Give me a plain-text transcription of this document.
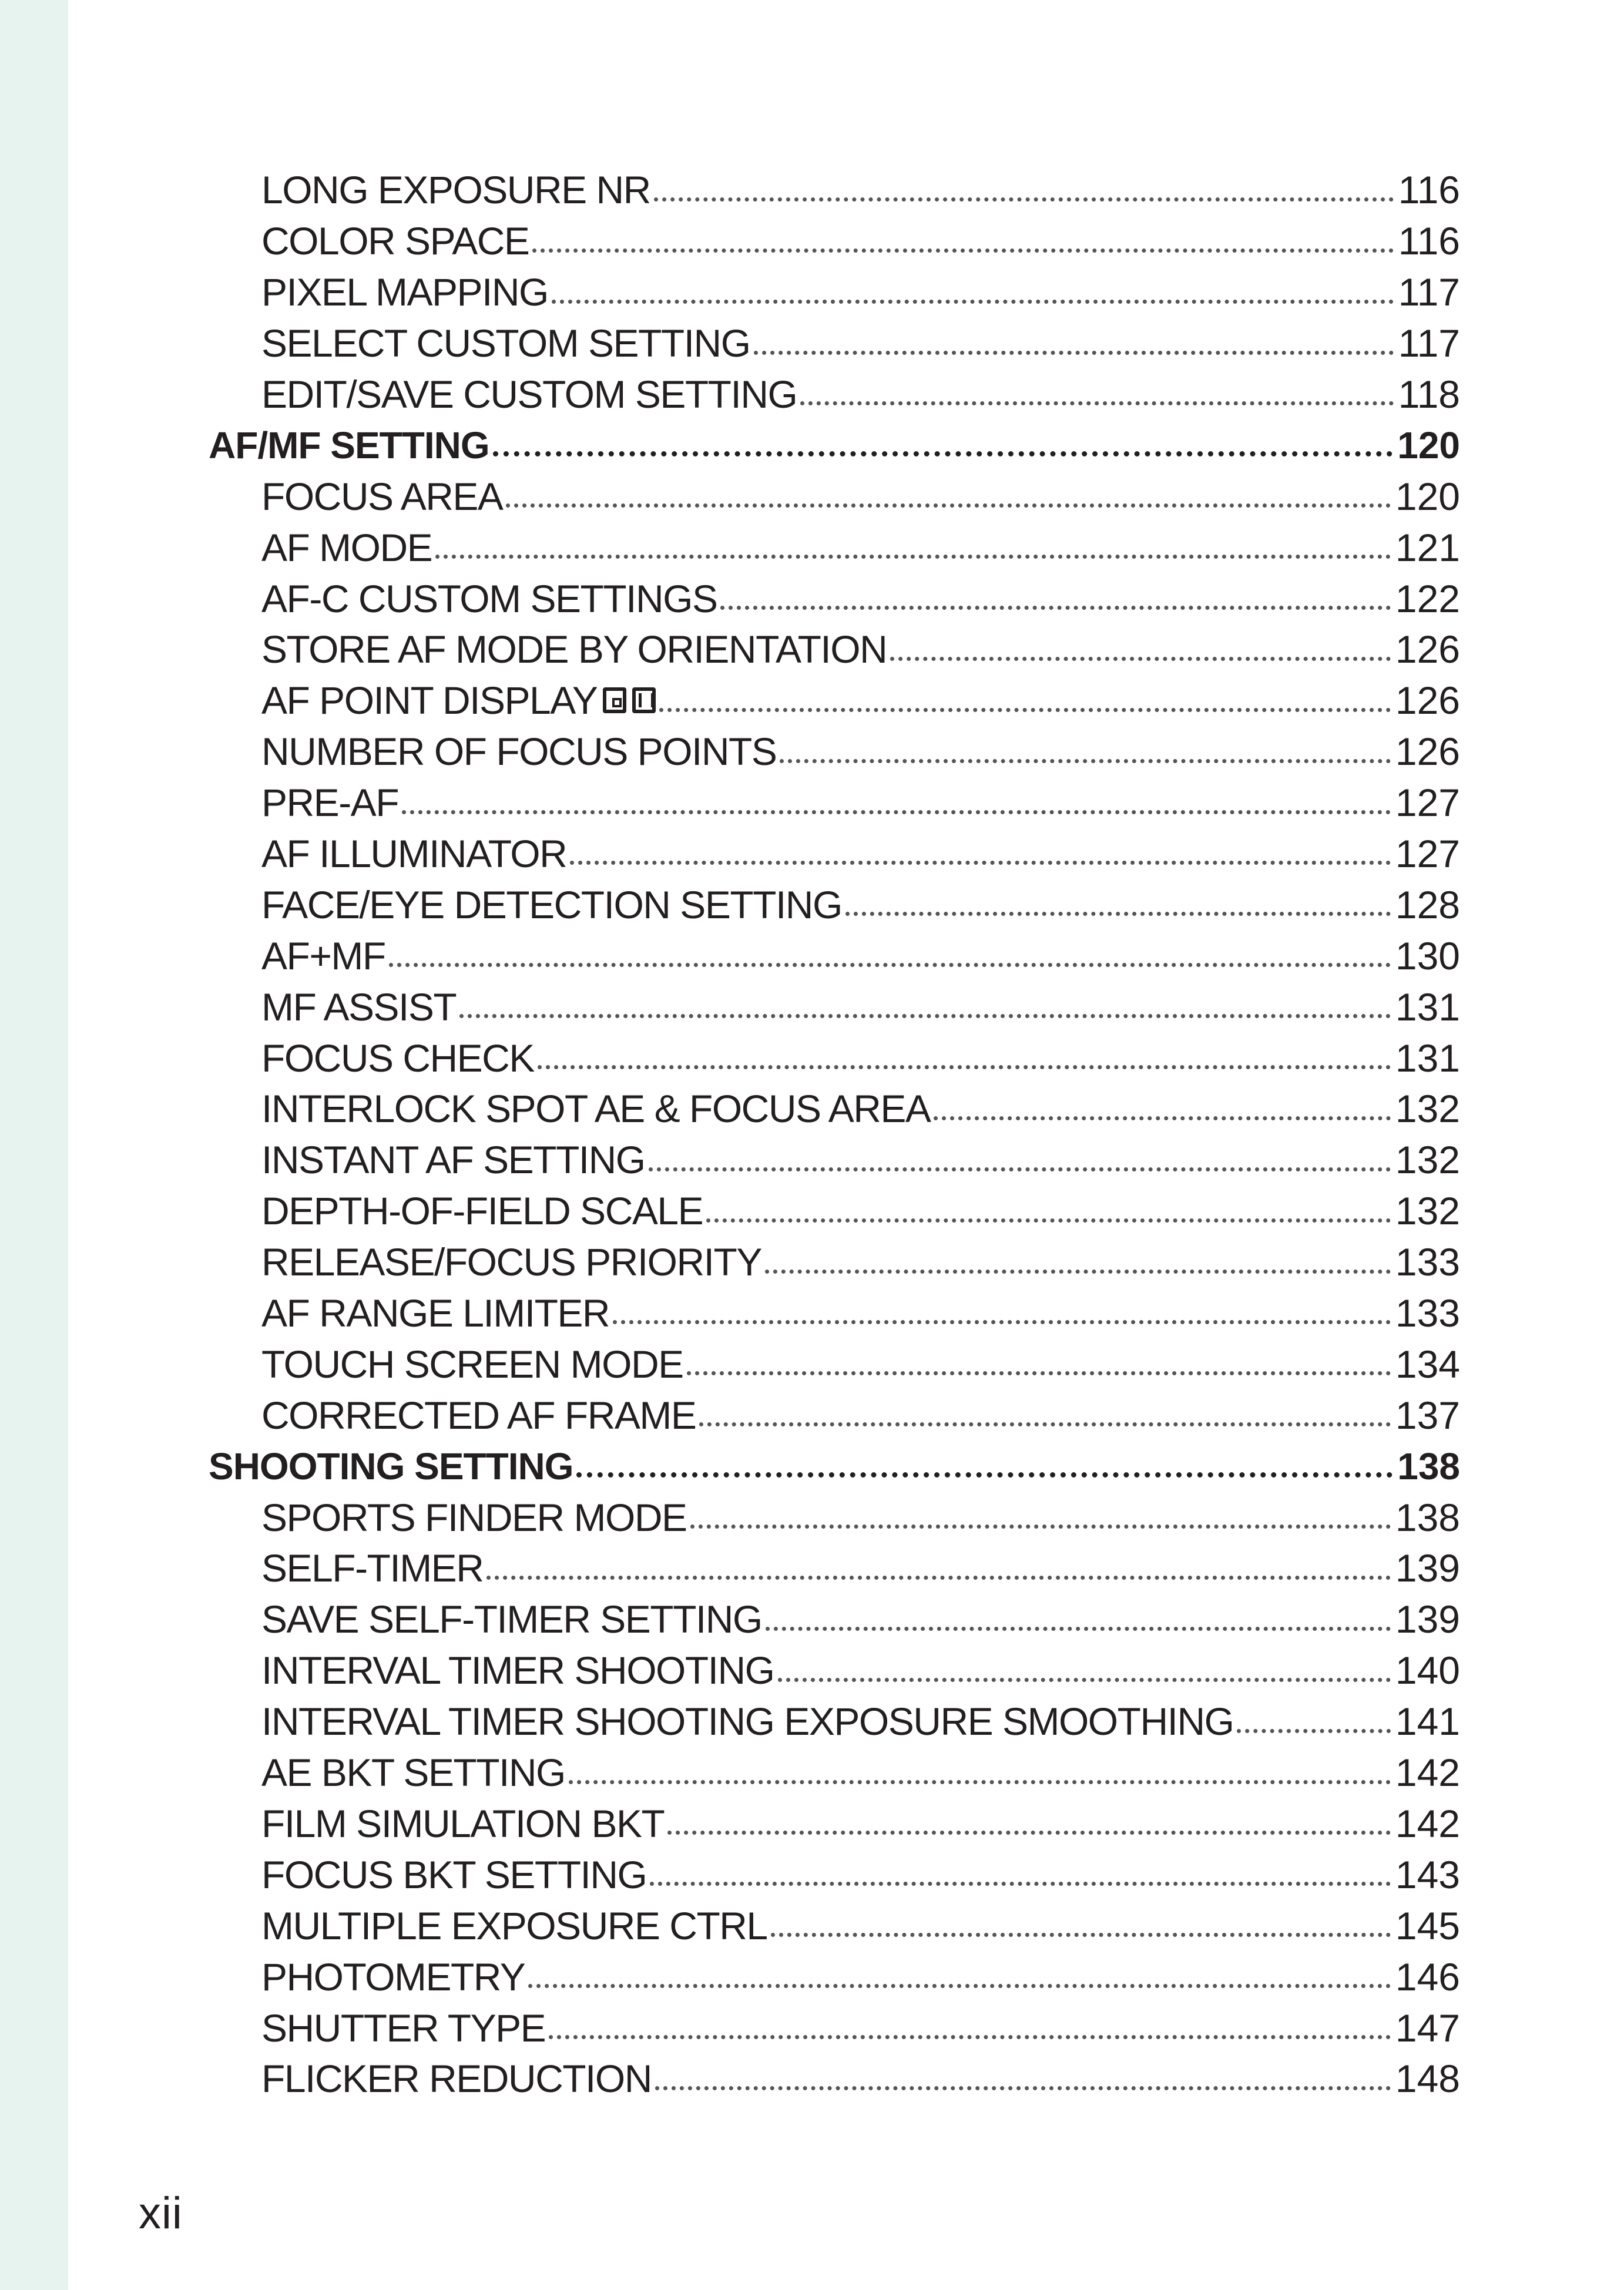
LONG EXPOSURE NR	116
COLOR SPACE	116
PIXEL MAPPING	117
SELECT CUSTOM SETTING	117
EDIT/SAVE CUSTOM SETTING	118
AF/MF SETTING	120
FOCUS AREA	120
AF MODE	121
AF-C CUSTOM SETTINGS	122
STORE AF MODE BY ORIENTATION	126
AF POINT DISPLAY	126
NUMBER OF FOCUS POINTS	126
PRE-AF	127
AF ILLUMINATOR	127
FACE/EYE DETECTION SETTING	128
AF+MF	130
MF ASSIST	131
FOCUS CHECK	131
INTERLOCK SPOT AE & FOCUS AREA	132
INSTANT AF SETTING	132
DEPTH-OF-FIELD SCALE	132
RELEASE/FOCUS PRIORITY	133
AF RANGE LIMITER	133
TOUCH SCREEN MODE	134
CORRECTED AF FRAME	137
SHOOTING SETTING	138
SPORTS FINDER MODE	138
SELF-TIMER	139
SAVE SELF-TIMER SETTING	139
INTERVAL TIMER SHOOTING	140
INTERVAL TIMER SHOOTING EXPOSURE SMOOTHING	141
AE BKT SETTING	142
FILM SIMULATION BKT	142
FOCUS BKT SETTING	143
MULTIPLE EXPOSURE CTRL	145
PHOTOMETRY	146
SHUTTER TYPE	147
FLICKER REDUCTION	148
xii
